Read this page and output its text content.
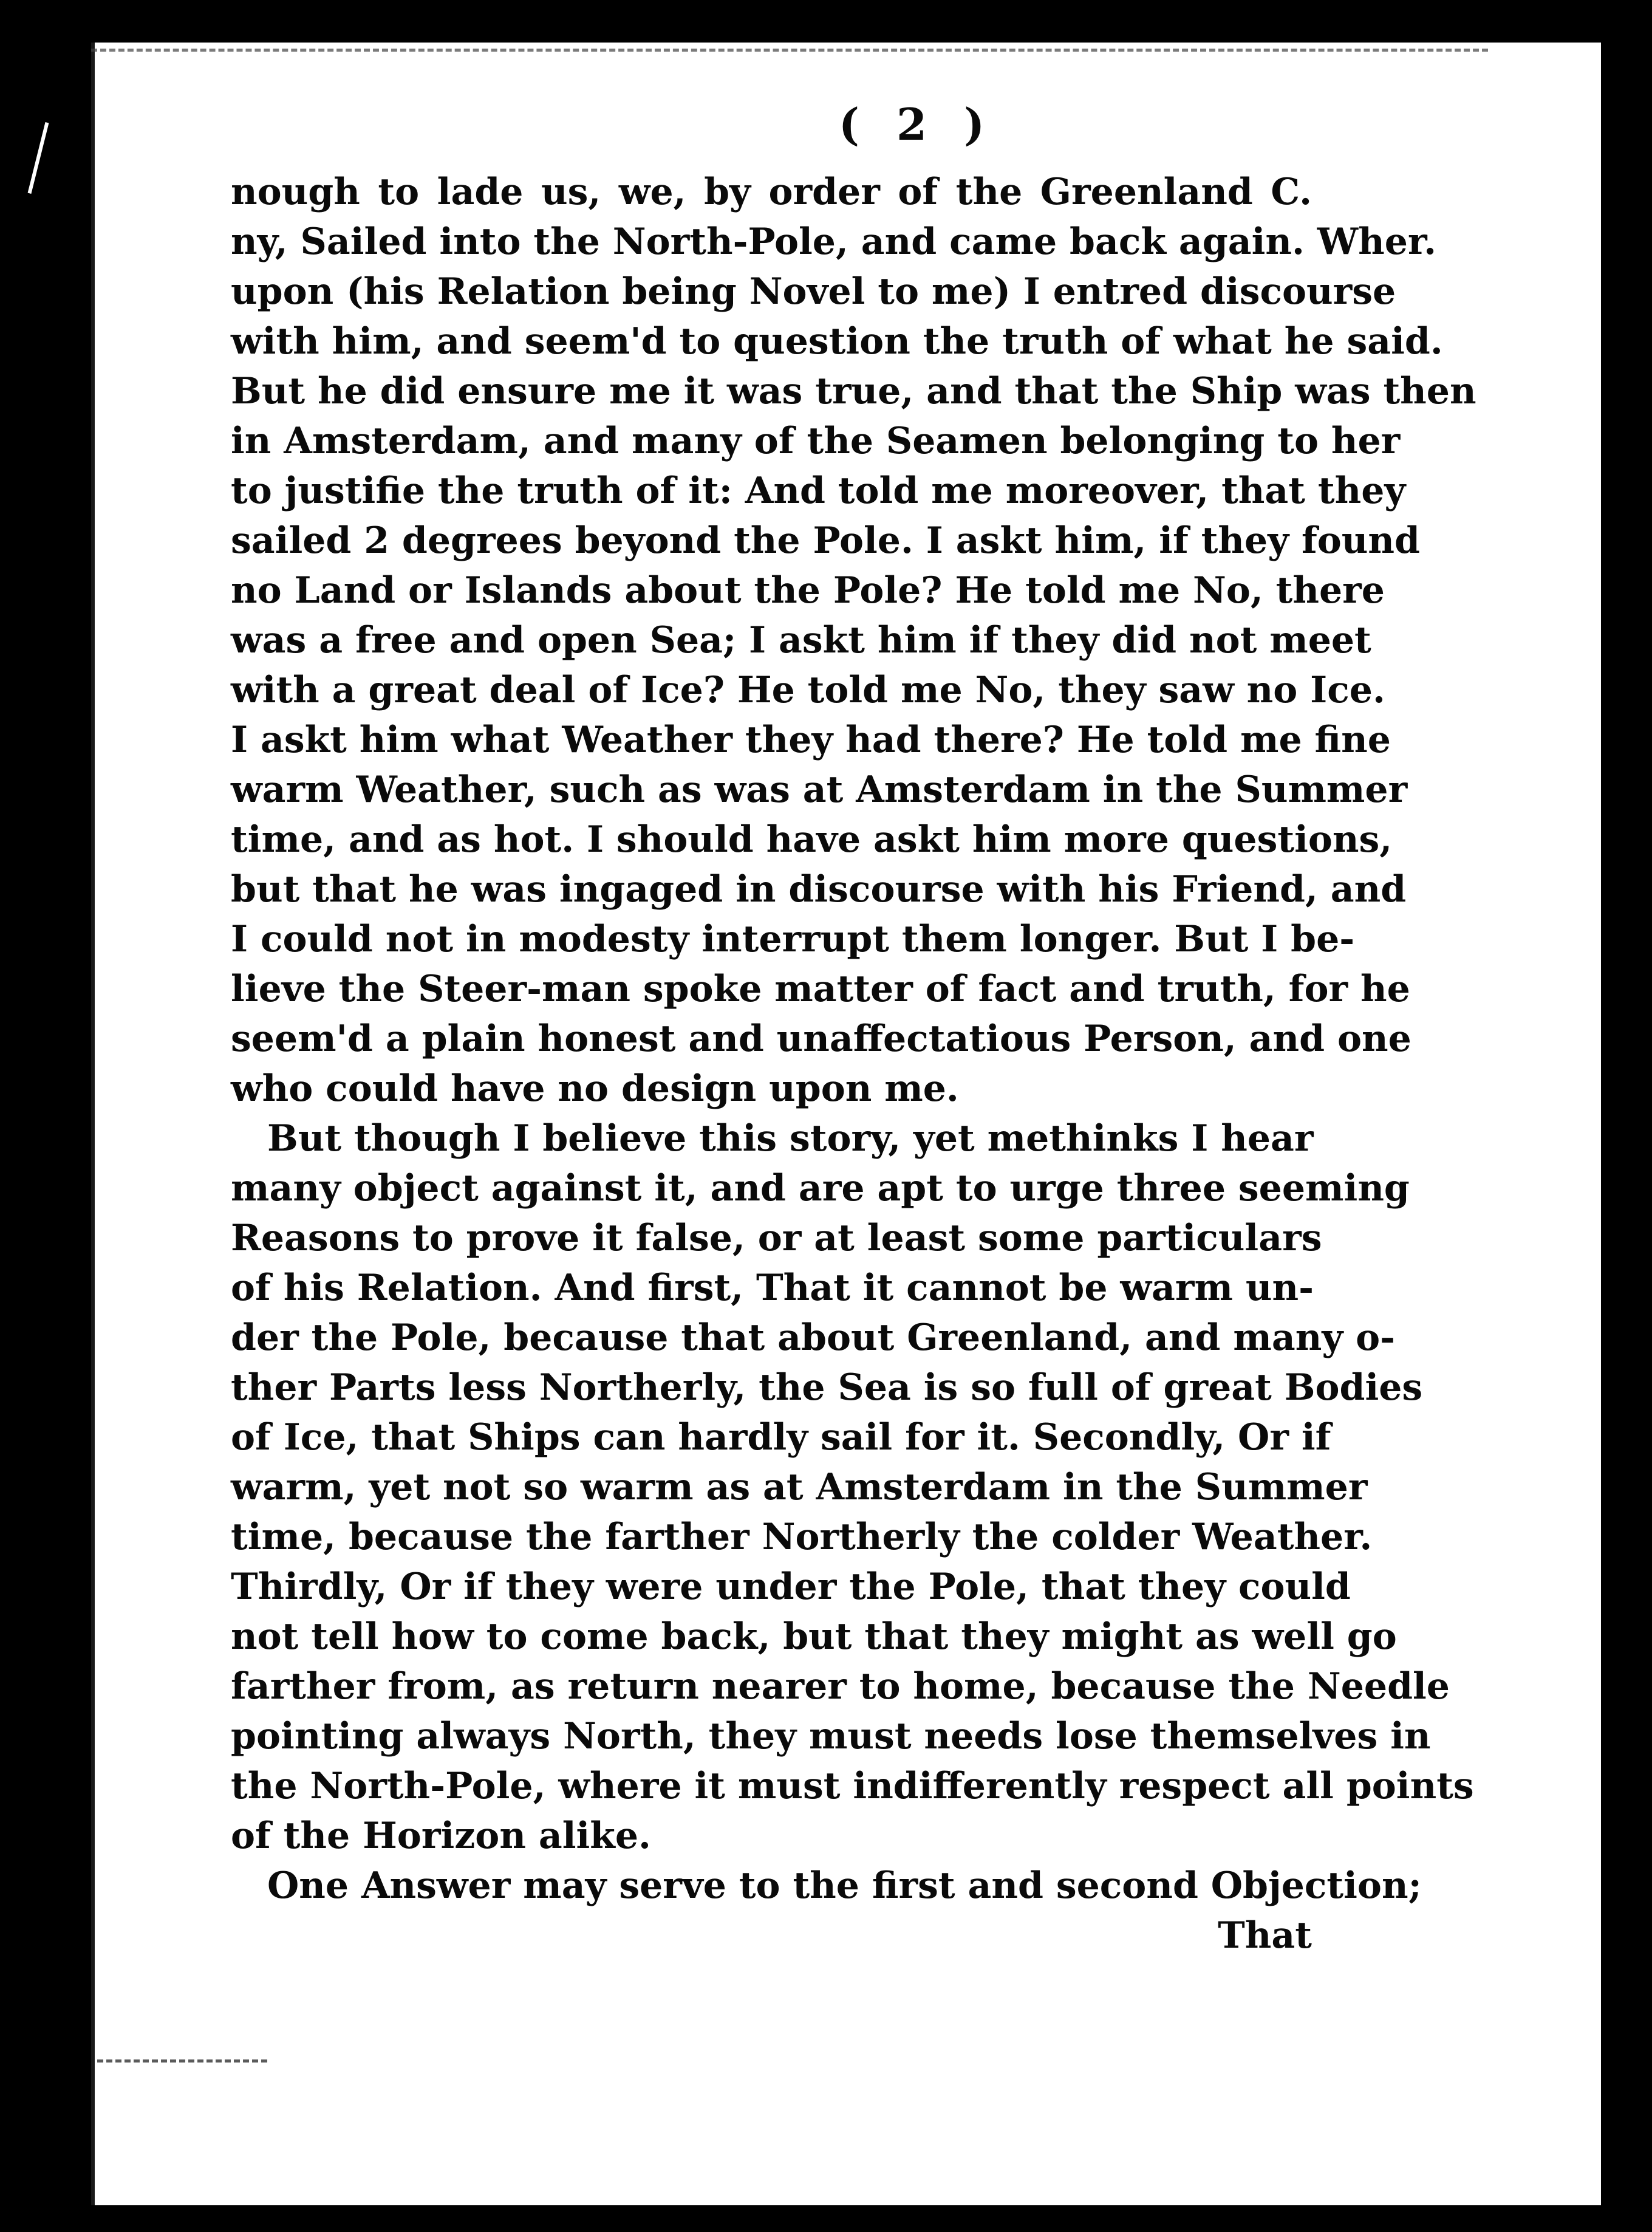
( 2 )
nough to lade us, we, by order of the Greenland C.
ny, Sailed into the North-Pole, and came back again. Wher.
upon (his Relation being Novel to me) I entred discourse
with him, and seem'd to question the truth of what he said.
But he did ensure me it was true, and that the Ship was then
in Amsterdam, and many of the Seamen belonging to her
to justifie the truth of it: And told me moreover, that they
sailed 2 degrees beyond the Pole. I askt him, if they found
no Land or Islands about the Pole? He told me No, there
was a free and open Sea; I askt him if they did not meet
with a great deal of Ice? He told me No, they saw no Ice.
I askt him what Weather they had there? He told me fine
warm Weather, such as was at Amsterdam in the Summer
time, and as hot. I should have askt him more questions,
but that he was ingaged in discourse with his Friend, and
I could not in modesty interrupt them longer. But I be-
lieve the Steer-man spoke matter of fact and truth, for he
seem'd a plain honest and unaffectatious Person, and one
who could have no design upon me.
But though I believe this story, yet methinks I hear
many object against it, and are apt to urge three seeming
Reasons to prove it false, or at least some particulars
of his Relation. And first, That it cannot be warm un-
der the Pole, because that about Greenland, and many o-
ther Parts less Northerly, the Sea is so full of great Bodies
of Ice, that Ships can hardly sail for it. Secondly, Or if
warm, yet not so warm as at Amsterdam in the Summer
time, because the farther Northerly the colder Weather.
Thirdly, Or if they were under the Pole, that they could
not tell how to come back, but that they might as well go
farther from, as return nearer to home, because the Needle
pointing always North, they must needs lose themselves in
the North-Pole, where it must indifferently respect all points
of the Horizon alike.
One Answer may serve to the first and second Objection;
That
